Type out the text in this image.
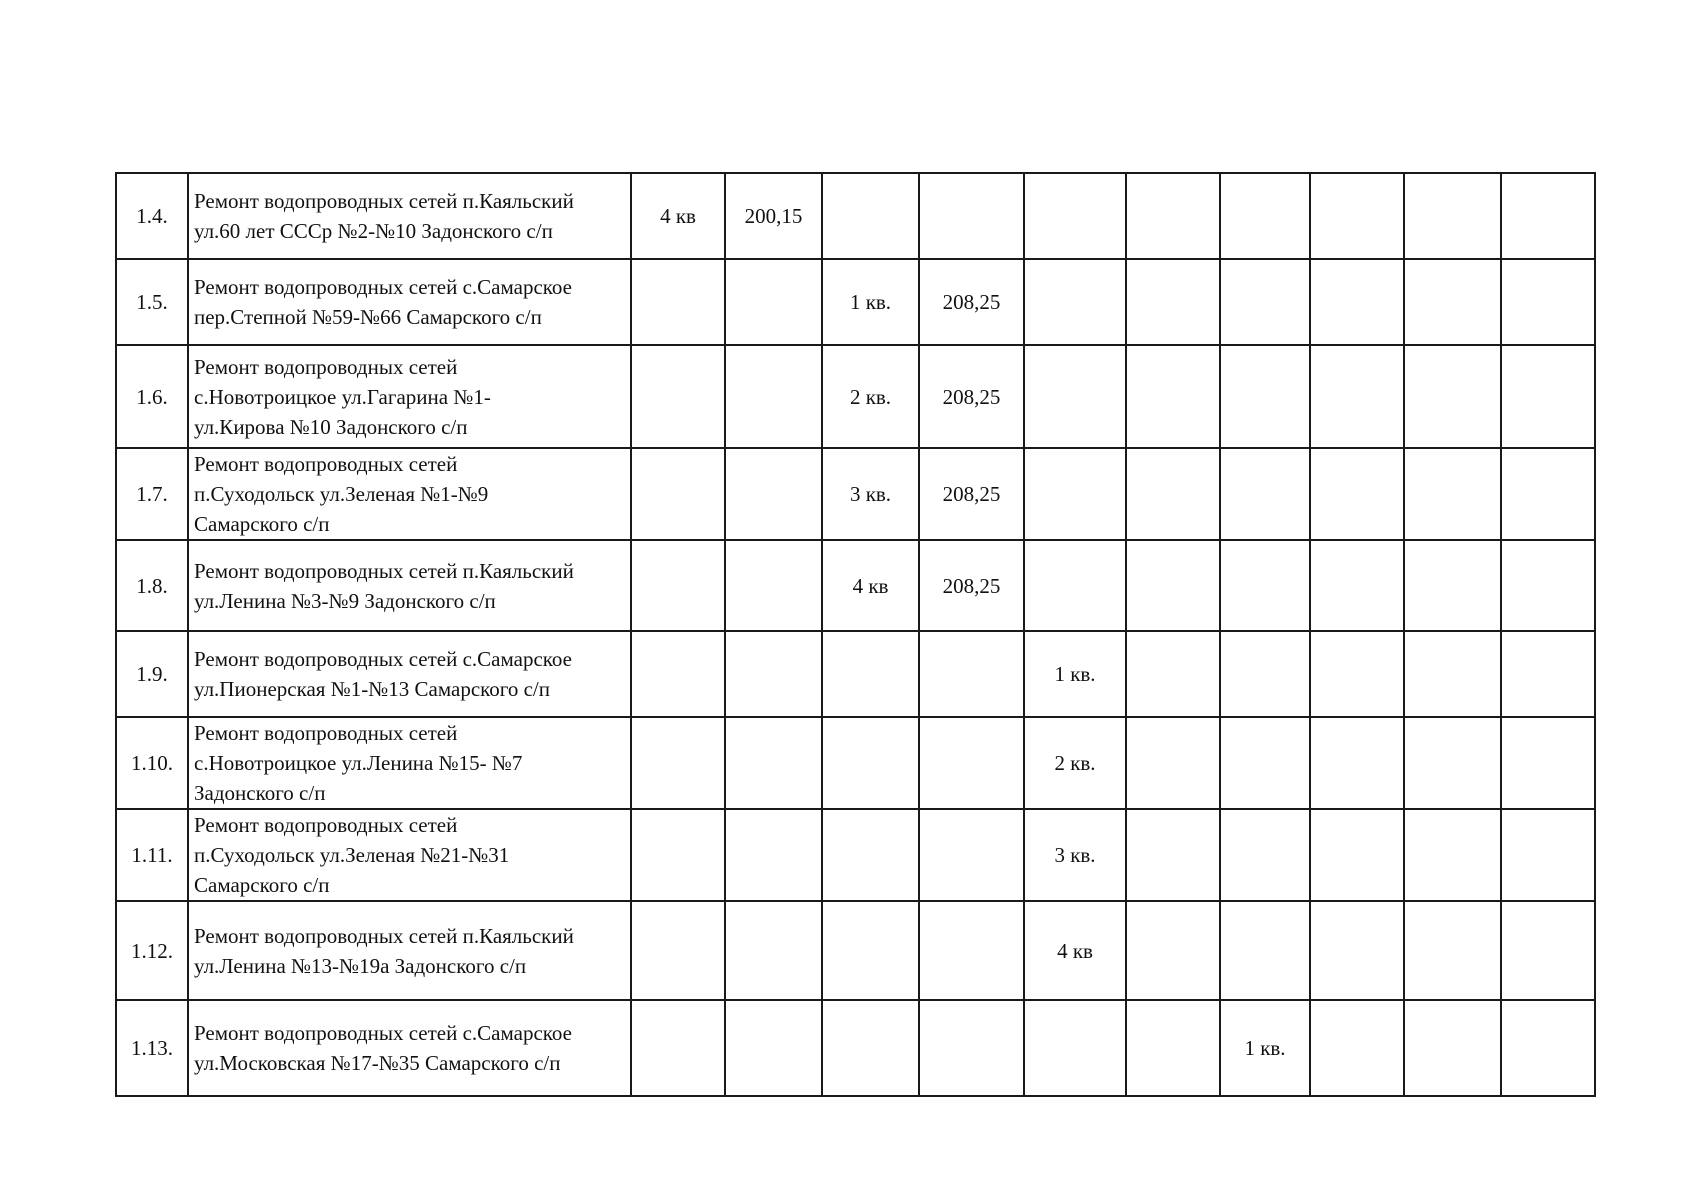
1.4.	Ремонт водопроводных сетей п.Каяльский
ул.60 лет СССр №2-№10 Задонского с/п	4 кв	200,15								
1.5.	Ремонт водопроводных сетей с.Самарское
пер.Степной №59-№66 Самарского с/п			1 кв.	208,25						
1.6.	Ремонт водопроводных сетей
с.Новотроицкое ул.Гагарина №1-
ул.Кирова №10 Задонского с/п			2 кв.	208,25						
1.7.	Ремонт водопроводных сетей
п.Суходольск ул.Зеленая №1-№9
Самарского с/п			3 кв.	208,25						
1.8.	Ремонт водопроводных сетей п.Каяльский
ул.Ленина №3-№9 Задонского с/п			4 кв	208,25						
1.9.	Ремонт водопроводных сетей с.Самарское
ул.Пионерская №1-№13 Самарского с/п					1 кв.					
1.10.	Ремонт водопроводных сетей
с.Новотроицкое ул.Ленина №15- №7
Задонского с/п					2 кв.					
1.11.	Ремонт водопроводных сетей
п.Суходольск ул.Зеленая №21-№31
Самарского с/п					3 кв.					
1.12.	Ремонт водопроводных сетей п.Каяльский
ул.Ленина №13-№19а Задонского с/п					4 кв					
1.13.	Ремонт водопроводных сетей с.Самарское
ул.Московская №17-№35 Самарского с/п							1 кв.			
